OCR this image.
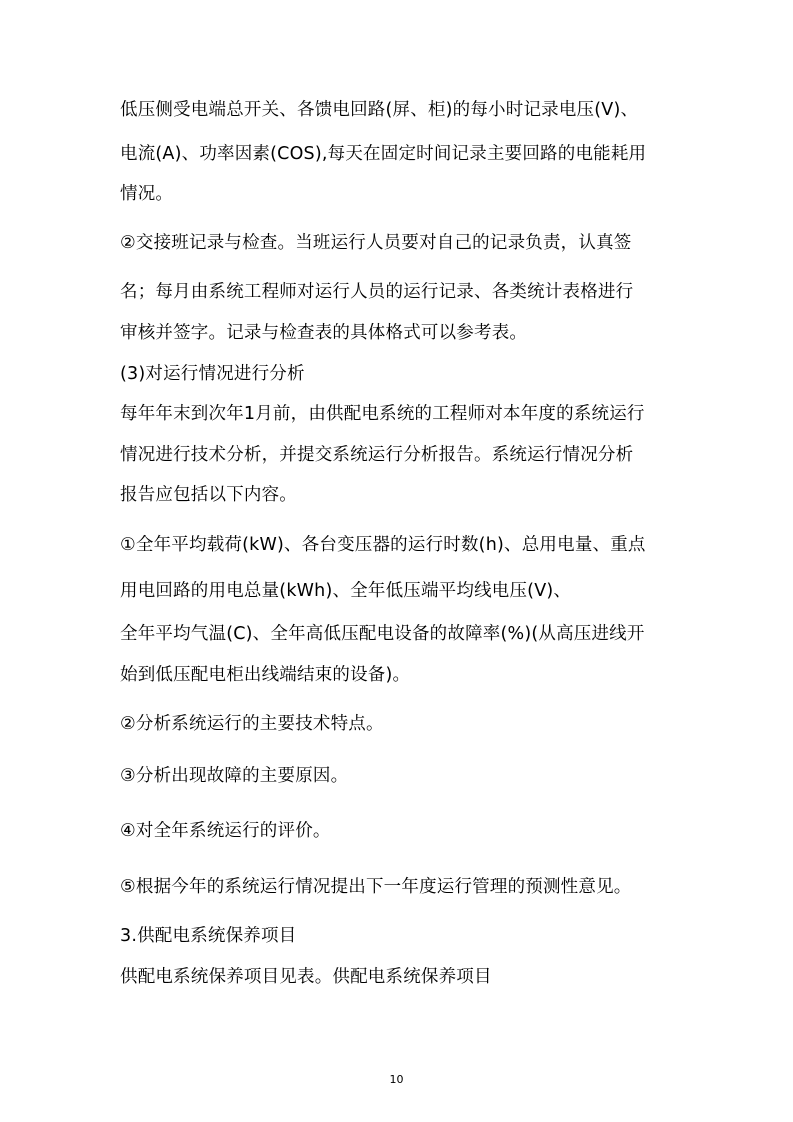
低压侧受电端总开关、各馈电回路(屏、柜)的每小时记录电压(V)、
电流(A)、功率因素(COS),每天在固定时间记录主要回路的电能耗用
情况。
②交接班记录与检查。当班运行人员要对自己的记录负责，认真签
名；每月由系统工程师对运行人员的运行记录、各类统计表格进行
审核并签字。记录与检查表的具体格式可以参考表。
(3)对运行情况进行分析
每年年末到次年1月前，由供配电系统的工程师对本年度的系统运行
情况进行技术分析，并提交系统运行分析报告。系统运行情况分析
报告应包括以下内容。
①全年平均载荷(kW)、各台变压器的运行时数(h)、总用电量、重点
用电回路的用电总量(kWh)、全年低压端平均线电压(V)、
全年平均气温(C)、全年高低压配电设备的故障率(%)(从高压进线开
始到低压配电柜出线端结束的设备)。
②分析系统运行的主要技术特点。
③分析出现故障的主要原因。
④对全年系统运行的评价。
⑤根据今年的系统运行情况提出下一年度运行管理的预测性意见。
3.供配电系统保养项目
供配电系统保养项目见表。供配电系统保养项目
10
